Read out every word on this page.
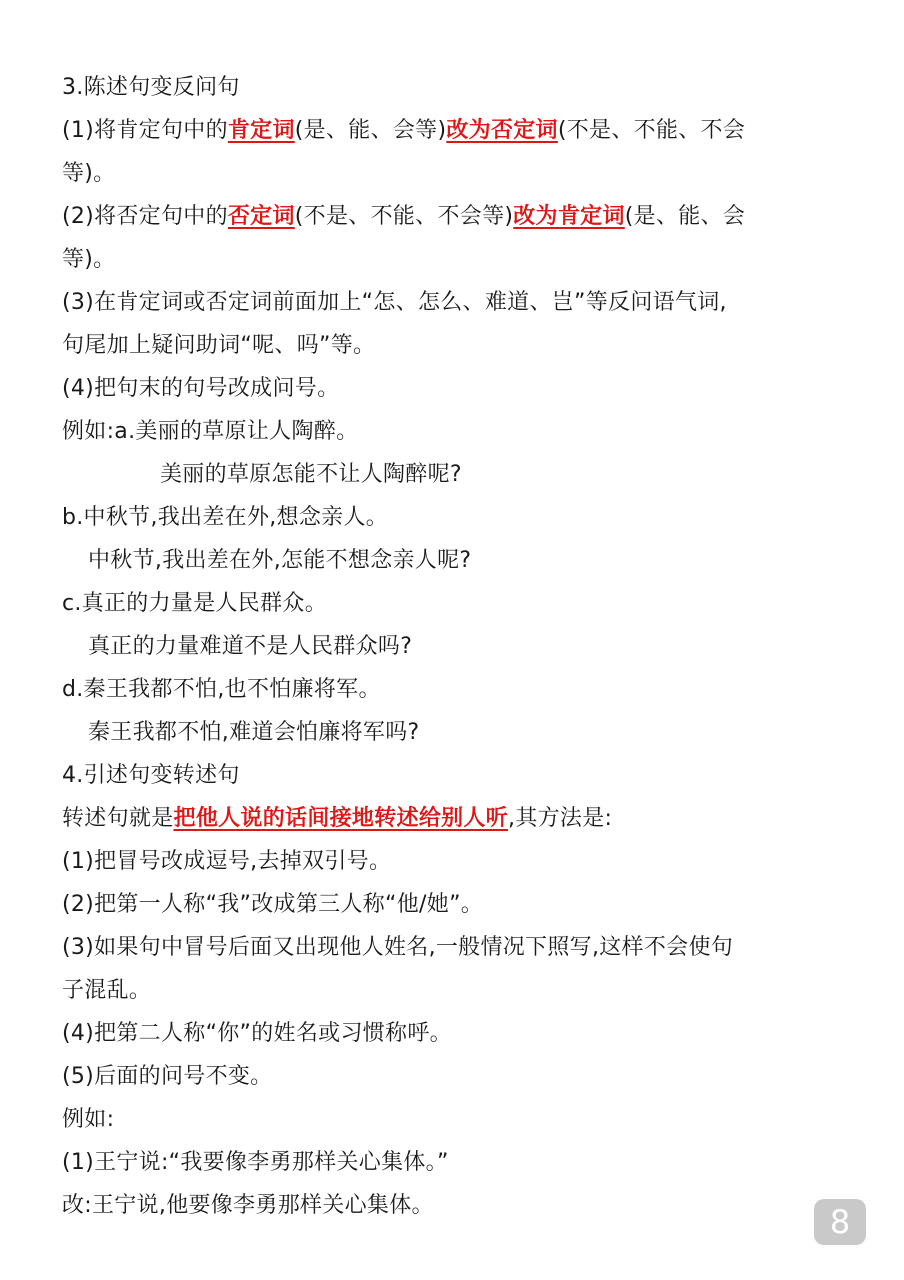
3.陈述句变反问句
(1)将肯定句中的肯定词(是、能、会等)改为否定词(不是、不能、不会
等)。
(2)将否定句中的否定词(不是、不能、不会等)改为肯定词(是、能、会
等)。
(3)在肯定词或否定词前面加上“怎、怎么、难道、岂”等反问语气词,
句尾加上疑问助词“呢、吗”等。
(4)把句末的句号改成问号。
例如:a.美丽的草原让人陶醉。
美丽的草原怎能不让人陶醉呢?
b.中秋节,我出差在外,想念亲人。
中秋节,我出差在外,怎能不想念亲人呢?
c.真正的力量是人民群众。
真正的力量难道不是人民群众吗?
d.秦王我都不怕,也不怕廉将军。
秦王我都不怕,难道会怕廉将军吗?
4.引述句变转述句
转述句就是把他人说的话间接地转述给别人听,其方法是:
(1)把冒号改成逗号,去掉双引号。
(2)把第一人称“我”改成第三人称“他/她”。
(3)如果句中冒号后面又出现他人姓名,一般情况下照写,这样不会使句
子混乱。
(4)把第二人称“你”的姓名或习惯称呼。
(5)后面的问号不变。
例如:
(1)王宁说:“我要像李勇那样关心集体。”
改:王宁说,他要像李勇那样关心集体。	8
